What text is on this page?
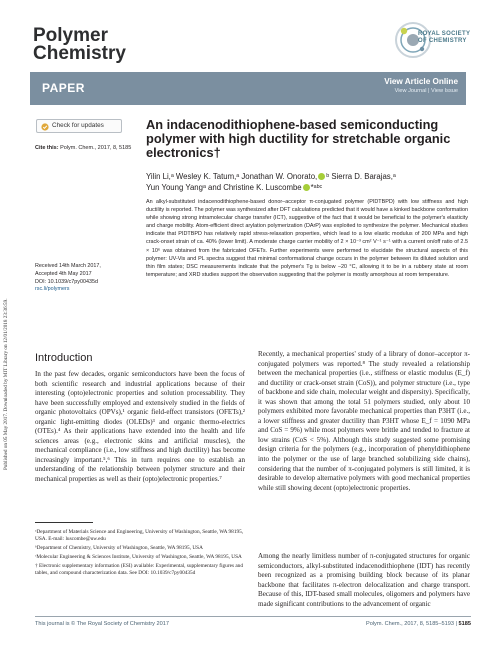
Published on 05 May 2017. Downloaded by MIT Library on 12/01/2018 23:36:59.
Polymer
Chemistry
ROYAL SOCIETY
OF CHEMISTRY
PAPER	View Article Online
View Journal | View Issue
Check for updates
Cite this: Polym. Chem., 2017, 8, 5185
Received 14th March 2017,
Accepted 4th May 2017
DOI: 10.1039/c7py00435d
rsc.li/polymers
An indacenodithiophene-based semiconducting polymer with high ductility for stretchable organic electronics†
Yilin Li,ᵃ Wesley K. Tatum,ᵃ Jonathan W. Onorato, ᵇ Sierra D. Barajas,ᵃ
Yun Young Yangᵃ and Christine K. Luscombe *ᵃᵇᶜ
An alkyl-substituted indacenodithiophene-based donor–acceptor π-conjugated polymer (PIDTBPD) with low stiffness and high ductility is reported. The polymer was synthesized after DFT calculations predicted that it would have a kinked backbone conformation while showing strong intramolecular charge transfer (ICT), suggestive of the fact that it would be beneficial to the polymer's elasticity and charge mobility. Atom-efficient direct arylation polymerization (DArP) was exploited to synthesize the polymer. Mechanical studies indicate that PIDTBPD has relatively rapid stress-relaxation properties, which lead to a low elastic modulus of 200 MPa and high crack-onset strain of ca. 40% (lower limit). A moderate charge carrier mobility of 2 × 10⁻³ cm² V⁻¹ s⁻¹ with a current on/off ratio of 2.5 × 10⁶ was obtained from the fabricated OFETs. Further experiments were performed to elucidate the structural aspects of this polymer: UV-Vis and PL spectra suggest that minimal conformational change occurs in the polymer between its diluted solution and thin film states; DSC measurements indicate that the polymer's Tg is below −20 °C, allowing it to be in a rubbery state at room temperature; and XRD studies support the observation suggesting that the polymer is mostly amorphous at room temperature.
Introduction
In the past few decades, organic semiconductors have been the focus of both scientific research and industrial applications because of their interesting (opto)electronic properties and solution processability. They have been successfully employed and extensively studied in the fields of organic photovoltaics (OPVs),¹ organic field-effect transistors (OFETs),² organic light-emitting diodes (OLEDs)³ and organic thermo-electrics (OTEs).⁴ As their applications have extended into the health and life sciences areas (e.g., electronic skins and artificial muscles), the mechanical compliance (i.e., low stiffness and high ductility) has become increasingly important.⁵,⁶ This in turn requires one to establish an understanding of the relationship between polymer structure and their mechanical properties as well as their (opto)electronic properties.⁷
ᵃDepartment of Materials Science and Engineering, University of Washington, Seattle, WA 98195, USA. E-mail: luscombe@uw.edu
ᵇDepartment of Chemistry, University of Washington, Seattle, WA 98195, USA
ᶜMolecular Engineering & Sciences Institute, University of Washington, Seattle, WA 98195, USA
† Electronic supplementary information (ESI) available: Experimental, supplementary figures and tables, and compound characterization data. See DOI: 10.1039/c7py00435d
Recently, a mechanical properties' study of a library of donor–acceptor π-conjugated polymers was reported.⁸ The study revealed a relationship between the mechanical properties (i.e., stiffness or elastic modulus (E_f) and ductility or crack-onset strain (CoS)), and polymer structure (i.e., type of backbone and side chain, molecular weight and dispersity). Specifically, it was shown that among the total 51 polymers studied, only about 10 polymers exhibited more favorable mechanical properties than P3HT (i.e., a lower stiffness and greater ductility than P3HT whose E_f = 1090 MPa and CoS = 9%) while most polymers were brittle and tended to fracture at low strains (CoS < 5%). Although this study suggested some promising design criteria for the polymers (e.g., incorporation of phenyldithiophene into the polymer or the use of large branched solubilizing side chains), considering that the number of π-conjugated polymers is still limited, it is desirable to develop alternative polymers with good mechanical properties while still showing decent (opto)electronic properties.
Among the nearly limitless number of π-conjugated structures for organic semiconductors, alkyl-substituted indacenodithiophene (IDT) has recently been recognized as a promising building block because of its planar backbone that facilitates π-electron delocalization and charge transport. Because of this, IDT-based small molecules, oligomers and polymers have made significant contributions to the advancement of organic
This journal is © The Royal Society of Chemistry 2017	Polym. Chem., 2017, 8, 5185–5193 | 5185
